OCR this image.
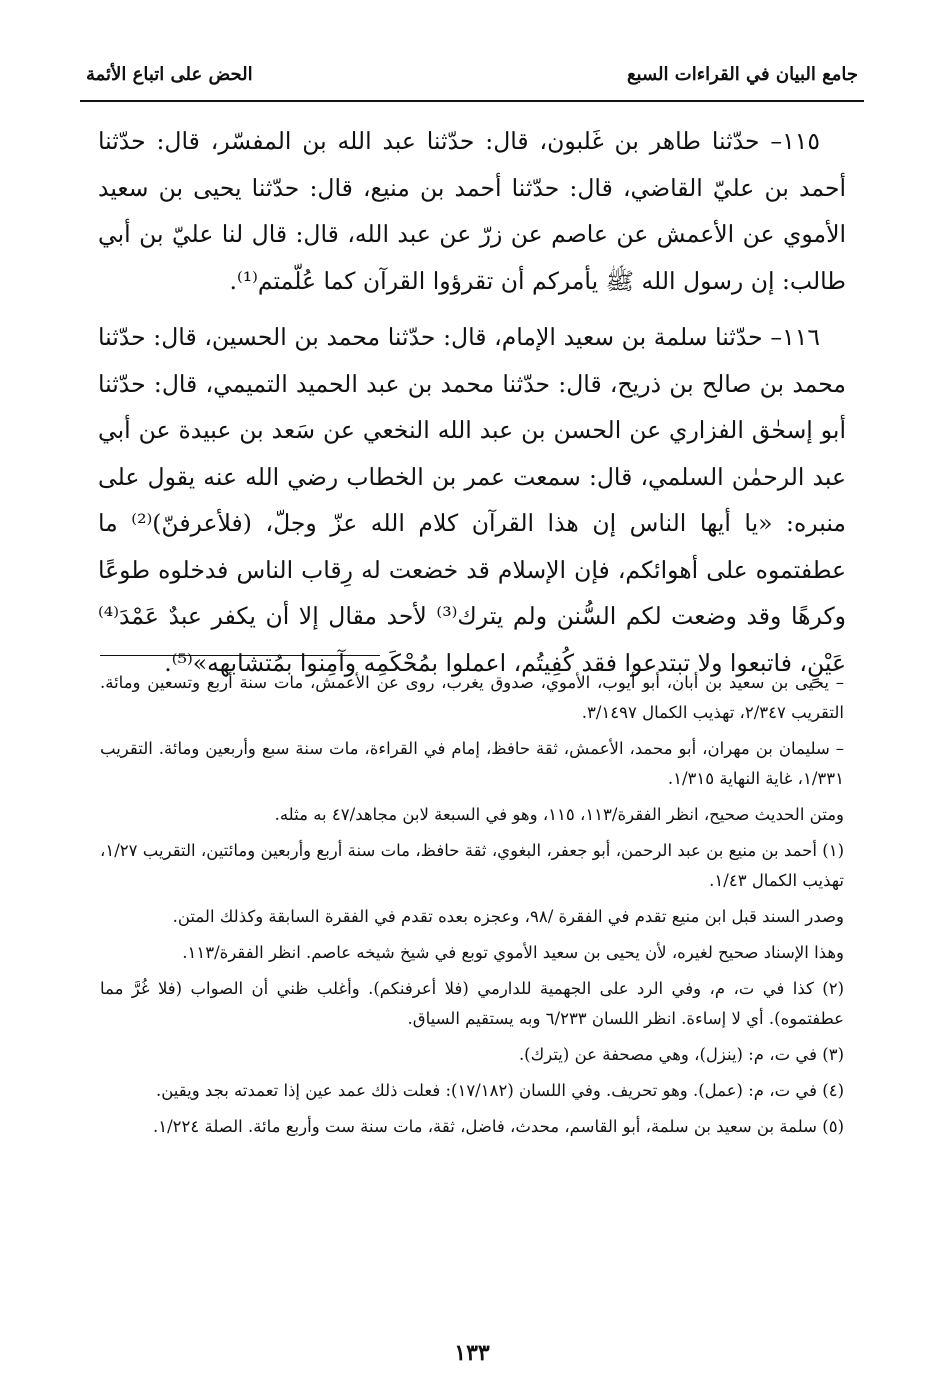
جامع البيان في القراءات السبع
الحض على اتباع الأئمة

١١٥– حدّثنا طاهر بن غَلبون، قال: حدّثنا عبد الله بن المفسّر، قال: حدّثنا أحمد بن عليّ القاضي، قال: حدّثنا أحمد بن منيع، قال: حدّثنا يحيى بن سعيد الأموي عن الأعمش عن عاصم عن زرّ عن عبد الله، قال: قال لنا عليّ بن أبي طالب: إن رسول الله ﷺ يأمركم أن تقرؤوا القرآن كما عُلّمتم⁽¹⁾.

١١٦– حدّثنا سلمة بن سعيد الإمام، قال: حدّثنا محمد بن الحسين، قال: حدّثنا محمد بن صالح بن ذريح، قال: حدّثنا محمد بن عبد الحميد التميمي، قال: حدّثنا أبو إسحٰق الفزاري عن الحسن بن عبد الله النخعي عن سَعد بن عبيدة عن أبي عبد الرحمٰن السلمي، قال: سمعت عمر بن الخطاب رضي الله عنه يقول على منبره: «يا أيها الناس إن هذا القرآن كلام الله عزّ وجلّ، (فلأعرفنّ)⁽²⁾ ما عطفتموه على أهوائكم، فإن الإسلام قد خضعت له رِقاب الناس فدخلوه طوعًا وكرهًا وقد وضعت لكم السُّنن ولم يترك⁽³⁾ لأحد مقال إلا أن يكفر عبدٌ عَمْدَ⁽⁴⁾ عَيْنٍ، فاتبعوا ولا تبتدعوا فقد كُفِيتُم، اعملوا بمُحْكَمِه وآمِنوا بمُتشابهه»⁽⁵⁾.

– يحيى بن سعيد بن أبان، أبو أيوب، الأموي، صدوق يغرب، روى عن الأعمش، مات سنة أربع وتسعين ومائة. التقريب ٢/٣٤٧، تهذيب الكمال ٣/١٤٩٧.

– سليمان بن مهران، أبو محمد، الأعمش، ثقة حافظ، إمام في القراءة، مات سنة سبع وأربعين ومائة. التقريب ١/٣٣١، غاية النهاية ١/٣١٥.

ومتن الحديث صحيح، انظر الفقرة/١١٣، ١١٥، وهو في السبعة لابن مجاهد/٤٧ به مثله.

(١) أحمد بن منيع بن عبد الرحمن، أبو جعفر، البغوي، ثقة حافظ، مات سنة أربع وأربعين ومائتين، التقريب ١/٢٧، تهذيب الكمال ١/٤٣.

وصدر السند قبل ابن منيع تقدم في الفقرة /٩٨، وعجزه بعده تقدم في الفقرة السابقة وكذلك المتن.

وهذا الإسناد صحيح لغيره، لأن يحيى بن سعيد الأموي توبع في شيخ شيخه عاصم. انظر الفقرة/١١٣.

(٢) كذا في ت، م، وفي الرد على الجهمية للدارمي (فلا أعرفنكم). وأغلب ظني أن الصواب (فلا غُرَّ مما عطفتموه). أي لا إساءة. انظر اللسان ٦/٢٣٣ وبه يستقيم السياق.

(٣) في ت، م: (ينزل)، وهي مصحفة عن (يترك).

(٤) في ت، م: (عمل). وهو تحريف. وفي اللسان (١٧/١٨٢): فعلت ذلك عمد عين إذا تعمدته بجد ويقين.

(٥) سلمة بن سعيد بن سلمة، أبو القاسم، محدث، فاضل، ثقة، مات سنة ست وأربع مائة. الصلة ١/٢٢٤.

١٣٣
